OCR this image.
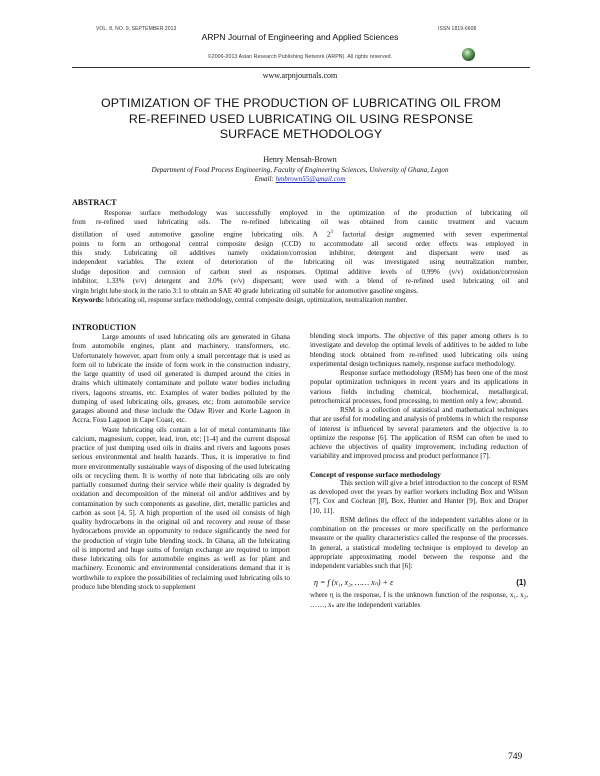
VOL. 8, NO. 9, SEPTEMBER 2013	ISSN 1819-6608
ARPN Journal of Engineering and Applied Sciences
©2006-2013 Asian Research Publishing Network (ARPN). All rights reserved.
www.arpnjournals.com
OPTIMIZATION OF THE PRODUCTION OF LUBRICATING OIL FROM
RE-REFINED USED LUBRICATING OIL USING RESPONSE
SURFACE METHODOLOGY
Henry Mensah-Brown
Department of Food Process Engineering, Faculty of Engineering Sciences, University of Ghana, Legon
Email: hmbrown55@gmail.com
ABSTRACT
Response surface methodology was successfully employed in the optimization of the production of lubricating oil
from re-refined used lubricating oils. The re-refined lubricating oil was obtained from caustic treatment and vacuum
distillation of used automotive gasoline engine lubricating oils. A $2^3$ factorial design augmented with seven experimental
points to form an orthogonal central composite design (CCD) to accommodate all second order effects was employed in
this study. Lubricating oil additives namely oxidation/corrosion inhibitor, detergent and dispersant were used as
independent variables. The extent of deterioration of the lubricating oil was investigated using neutralization number,
sludge deposition and corrosion of carbon steel as responses. Optimal additive levels of 0.99% (v/v) oxidation/corrosion
inhibitor, 1.33% (v/v) detergent and 3.0% (v/v) dispersant; were used with a blend of re-refined used lubricating oil and
virgin bright lube stock in the ratio 3:1 to obtain an SAE 40 grade lubricating oil suitable for automotive gasoline engines.
Keywords: lubricating oil, response surface methodology, central composite design, optimization, neutralization number.
INTRODUCTION

Large amounts of used lubricating oils are generated in Ghana from automobile engines, plant and machinery, transformers, etc. Unfortunately however, apart from only a small percentage that is used as form oil to lubricate the inside of form work in the construction industry, the large quantity of used oil generated is dumped around the cities in drains which ultimately contaminate and pollute water bodies including rivers, lagoons streams, etc. Examples of water bodies polluted by the dumping of used lubricating oils, greases, etc; from automobile service garages abound and these include the Odaw River and Korle Lagoon in Accra, Fosu Lagoon in Cape Coast, etc.

Waste lubricating oils contain a lot of metal contaminants like calcium, magnesium, copper, lead, iron, etc; [1-4] and the current disposal practice of just dumping used oils in drains and rivers and lagoons poses serious environmental and health hazards. Thus, it is imperative to find more environmentally sustainable ways of disposing of the used lubricating oils or recycling them. It is worthy of note that lubricating oils are only partially consumed during their service while their quality is degraded by oxidation and decomposition of the mineral oil and/or additives and by contamination by such components as gasoline, dirt, metallic particles and carbon as soot [4, 5]. A high proportion of the used oil consists of high quality hydrocarbons in the original oil and recovery and reuse of these hydrocarbons provide an opportunity to reduce significantly the need for the production of virgin lube blending stock. In Ghana, all the lubricating oil is imported and huge sums of foreign exchange are required to import these lubricating oils for automobile engines as well as for plant and machinery. Economic and environmental considerations demand that it is worthwhile to explore the possibilities of reclaiming used lubricating oils to produce lube blending stock to supplement

blending stock imports. The objective of this paper among others is to investigate and develop the optimal levels of additives to be added to lube blending stock obtained from re-refined used lubricating oils using experimental design techniques namely, response surface methodology.

Response surface methodology (RSM) has been one of the most popular optimization techniques in recent years and its applications in various fields including chemical, biochemical, metallurgical, petrochemical processes, food processing, to mention only a few; abound.

RSM is a collection of statistical and mathematical techniques that are useful for modeling and analysis of problems in which the response of interest is influenced by several parameters and the objective is to optimize the response [6]. The application of RSM can often be used to achieve the objectives of quality improvement, including reduction of variability and improved process and product performance [7].

Concept of response surface methodology

This section will give a brief introduction to the concept of RSM as developed over the years by earlier workers including Box and Wilson [7], Cox and Cochran [8], Box, Hunter and Hunter [9], Box and Draper [10, 11].

RSM defines the effect of the independent variables alone or in combination on the processes or more specifically on the performance measure or the quality characteristics called the response of the processes. In general, a statistical modeling technique is employed to develop an appropriate approximating model between the response and the independent variables such that [6]:

η = f (x₁, x₂, …… xₙ) + ε	(1)

where η is the response, f is the unknown function of the response, x₁, x₂, ……, xₙ are the independent variables

749
